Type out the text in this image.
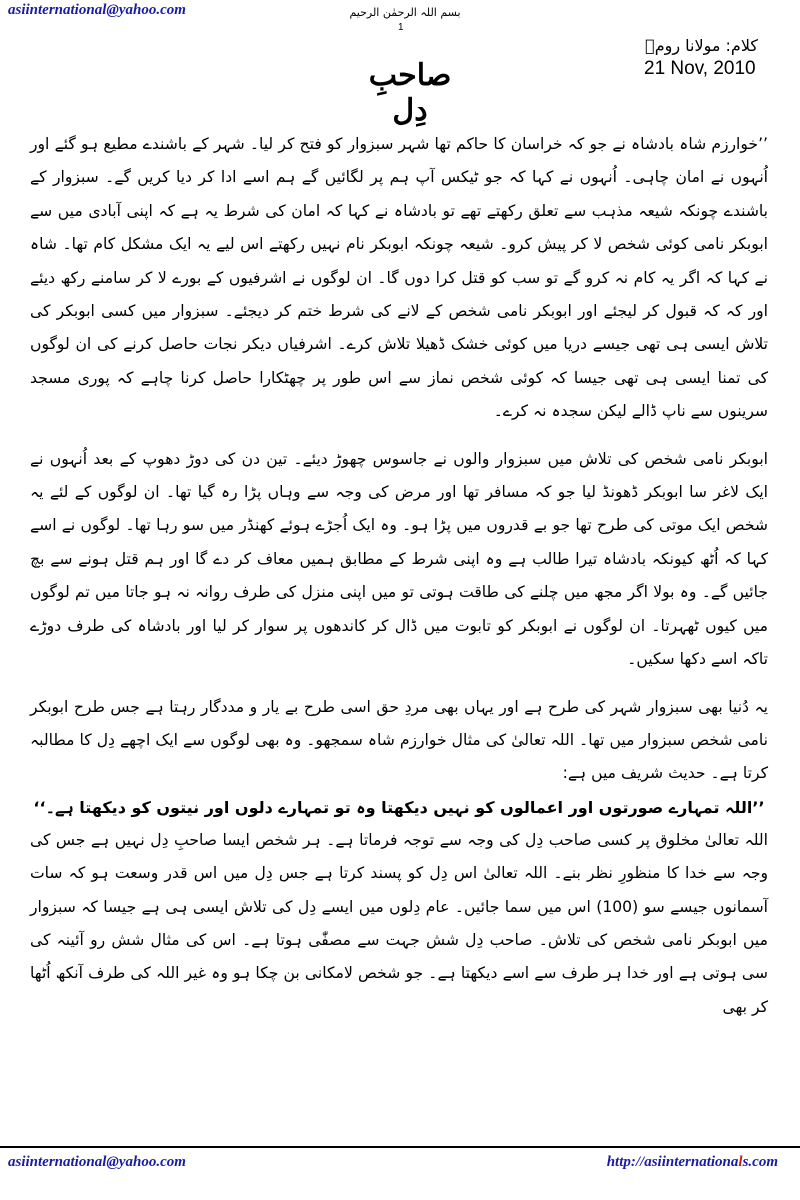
asiinternational@yahoo.com	بسم اللہ الرحمٰن الرحیم
1
کلام: مولانا رومؒ
21 Nov, 2010
صاحبِ دِل

’’خوارزم شاہ بادشاہ نے جو کہ خراسان کا حاکم تھا شہر سبزوار کو فتح کر لیا۔ شہر کے باشندے مطیع ہو گئے اور اُنہوں نے امان چاہی۔ اُنہوں نے کہا کہ جو ٹیکس آپ ہم پر لگائیں گے ہم اسے ادا کر دیا کریں گے۔ سبزوار کے باشندے چونکہ شیعہ مذہب سے تعلق رکھتے تھے تو بادشاہ نے کہا کہ امان کی شرط یہ ہے کہ اپنی آبادی میں سے ابوبکر نامی کوئی شخص لا کر پیش کرو۔ شیعہ چونکہ ابوبکر نام نہیں رکھتے اس لیے یہ ایک مشکل کام تھا۔ شاہ نے کہا کہ اگر یہ کام نہ کرو گے تو سب کو قتل کرا دوں گا۔ ان لوگوں نے اشرفیوں کے بورے لا کر سامنے رکھ دیئے اور کہ کہ قبول کر لیجئے اور ابوبکر نامی شخص کے لانے کی شرط ختم کر دیجئے۔ سبزوار میں کسی ابوبکر کی تلاش ایسی ہی تھی جیسے دریا میں کوئی خشک ڈھیلا تلاش کرے۔ اشرفیاں دیکر نجات حاصل کرنے کی ان لوگوں کی تمنا ایسی ہی تھی جیسا کہ کوئی شخص نماز سے اس طور پر چھٹکارا حاصل کرنا چاہے کہ پوری مسجد سرینوں سے ناپ ڈالے لیکن سجدہ نہ کرے۔

ابوبکر نامی شخص کی تلاش میں سبزوار والوں نے جاسوس چھوڑ دیئے۔ تین دن کی دوڑ دھوپ کے بعد اُنہوں نے ایک لاغر سا ابوبکر ڈھونڈ لیا جو کہ مسافر تھا اور مرض کی وجہ سے وہاں پڑا رہ گیا تھا۔ ان لوگوں کے لئے یہ شخص ایک موتی کی طرح تھا جو بے قدروں میں پڑا ہو۔ وہ ایک اُجڑے ہوئے کھنڈر میں سو رہا تھا۔ لوگوں نے اسے کہا کہ اُٹھ کیونکہ بادشاہ تیرا طالب ہے وہ اپنی شرط کے مطابق ہمیں معاف کر دے گا اور ہم قتل ہونے سے بچ جائیں گے۔ وہ بولا اگر مجھ میں چلنے کی طاقت ہوتی تو میں اپنی منزل کی طرف روانہ نہ ہو جاتا میں تم لوگوں میں کیوں ٹھہرتا۔ ان لوگوں نے ابوبکر کو تابوت میں ڈال کر کاندھوں پر سوار کر لیا اور بادشاہ کی طرف دوڑے تاکہ اسے دکھا سکیں۔

یہ دُنیا بھی سبزوار شہر کی طرح ہے اور یہاں بھی مردِ حق اسی طرح بے یار و مددگار رہتا ہے جس طرح ابوبکر نامی شخص سبزوار میں تھا۔ اللہ تعالیٰ کی مثال خوارزم شاہ سمجھو۔ وہ بھی لوگوں سے ایک اچھے دِل کا مطالبہ کرتا ہے۔ حدیث شریف میں ہے:

’’اللہ تمہارے صورتوں اور اعمالوں کو نہیں دیکھتا وہ تو تمہارے دلوں اور نیتوں کو دیکھتا ہے۔‘‘

اللہ تعالیٰ مخلوق پر کسی صاحب دِل کی وجہ سے توجہ فرماتا ہے۔ ہر شخص ایسا صاحبِ دِل نہیں ہے جس کی وجہ سے خدا کا منظورِ نظر بنے۔ اللہ تعالیٰ اس دِل کو پسند کرتا ہے جس دِل میں اس قدر وسعت ہو کہ سات آسمانوں جیسے سو (100) اس میں سما جائیں۔ عام دِلوں میں ایسے دِل کی تلاش ایسی ہی ہے جیسا کہ سبزوار میں ابوبکر نامی شخص کی تلاش۔ صاحب دِل شش جہت سے مصفّٰی ہوتا ہے۔ اس کی مثال شش رو آئینہ کی سی ہوتی ہے اور خدا ہر طرف سے اسے دیکھتا ہے۔ جو شخص لامکانی بن چکا ہو وہ غیر اللہ کی طرف آنکھ اُٹھا کر بھی

asiinternational@yahoo.com	http://asiinternationals.com
